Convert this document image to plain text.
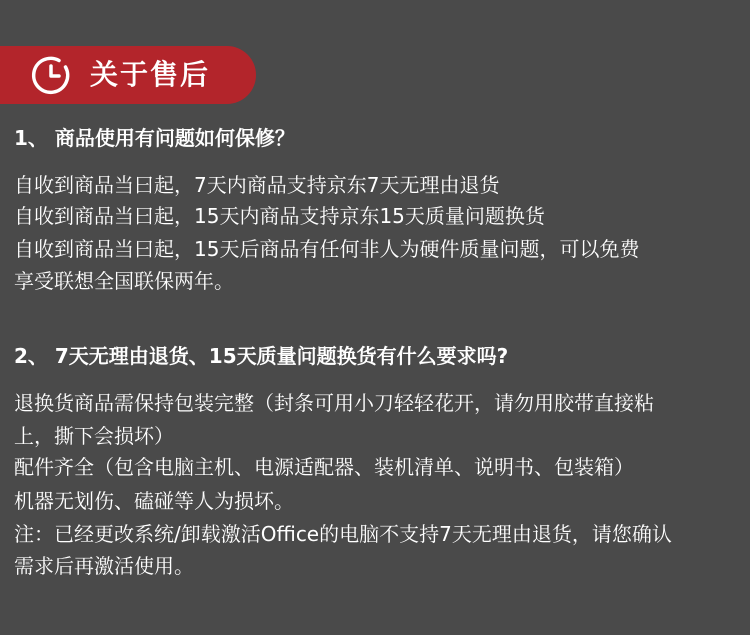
关于售后
1、 商品使用有问题如何保修？
自收到商品当曰起，7天内商品支持京东7天无理由退货
自收到商品当曰起，15天内商品支持京东15天质量问题换货
自收到商品当曰起，15天后商品有任何非人为硬件质量问题，可以免费
享受联想全国联保两年。
2、 7天无理由退货、15天质量问题换货有什么要求吗?
退换货商品需保持包装完整（封条可用小刀轻轻花开，请勿用胶带直接粘
上，撕下会损坏）
配件齐全（包含电脑主机、电源适配器、装机清单、说明书、包装箱）
机器无划伤、磕碰等人为损坏。
注：已经更改系统/卸载激活Office的电脑不支持7天无理由退货，请您确认
需求后再激活使用。
